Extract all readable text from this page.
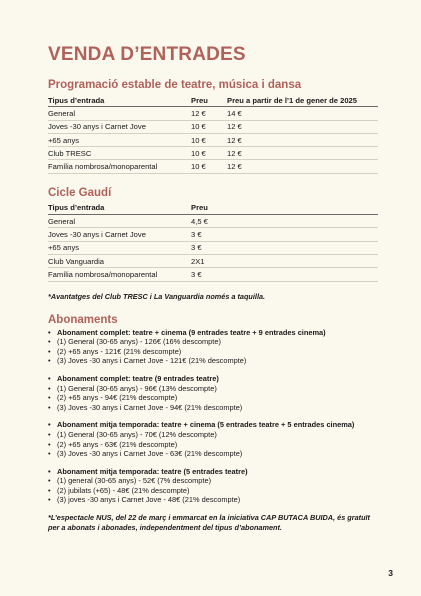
VENDA D’ENTRADES
Programació estable de teatre, música i dansa
Tipus d’entrada	Preu	Preu a partir de l’1 de gener de 2025
General	12 €	14 €
Joves -30 anys i Carnet Jove	10 €	12 €
+65 anys	10 €	12 €
Club TRESC	10 €	12 €
Família nombrosa/monoparental	10 €	12 €
Cicle Gaudí
Tipus d’entrada	Preu	
General	4,5 €	
Joves -30 anys i Carnet Jove	3 €	
+65 anys	3 €	
Club Vanguardia	2X1	
Família nombrosa/monoparental	3 €	
*Avantatges del Club TRESC i La Vanguardia només a taquilla.
Abonaments
• Abonament complet: teatre + cinema (9 entrades teatre + 9 entrades cinema)
• (1) General (30-65 anys) - 126€ (16% descompte)
• (2) +65 anys - 121€ (21% descompte)
• (3) Joves -30 anys i Carnet Jove - 121€ (21% descompte)
• Abonament complet: teatre (9 entrades teatre)
• (1) General (30-65 anys) - 96€ (13% descompte)
• (2) +65 anys - 94€ (21% descompte)
• (3) Joves -30 anys i Carnet Jove - 94€ (21% descompte)
• Abonament mitja temporada: teatre + cinema (5 entrades teatre + 5 entrades cinema)
• (1) General (30-65 anys) - 70€ (12% descompte)
• (2) +65 anys - 63€ (21% descompte)
• (3) Joves -30 anys i Carnet Jove - 63€ (21% descompte)
• Abonament mitja temporada: teatre (5 entrades teatre)
• (1) general (30-65 anys) - 52€ (7% descompte)
• (2) jubilats (+65) - 48€ (21% descompte)
• (3) joves -30 anys i Carnet Jove - 48€ (21% descompte)
*L’espectacle NUS, del 22 de març i emmarcat en la iniciativa CAP BUTACA BUIDA, és gratuït per a abonats i abonades, independentment del tipus d’abonament.
3
